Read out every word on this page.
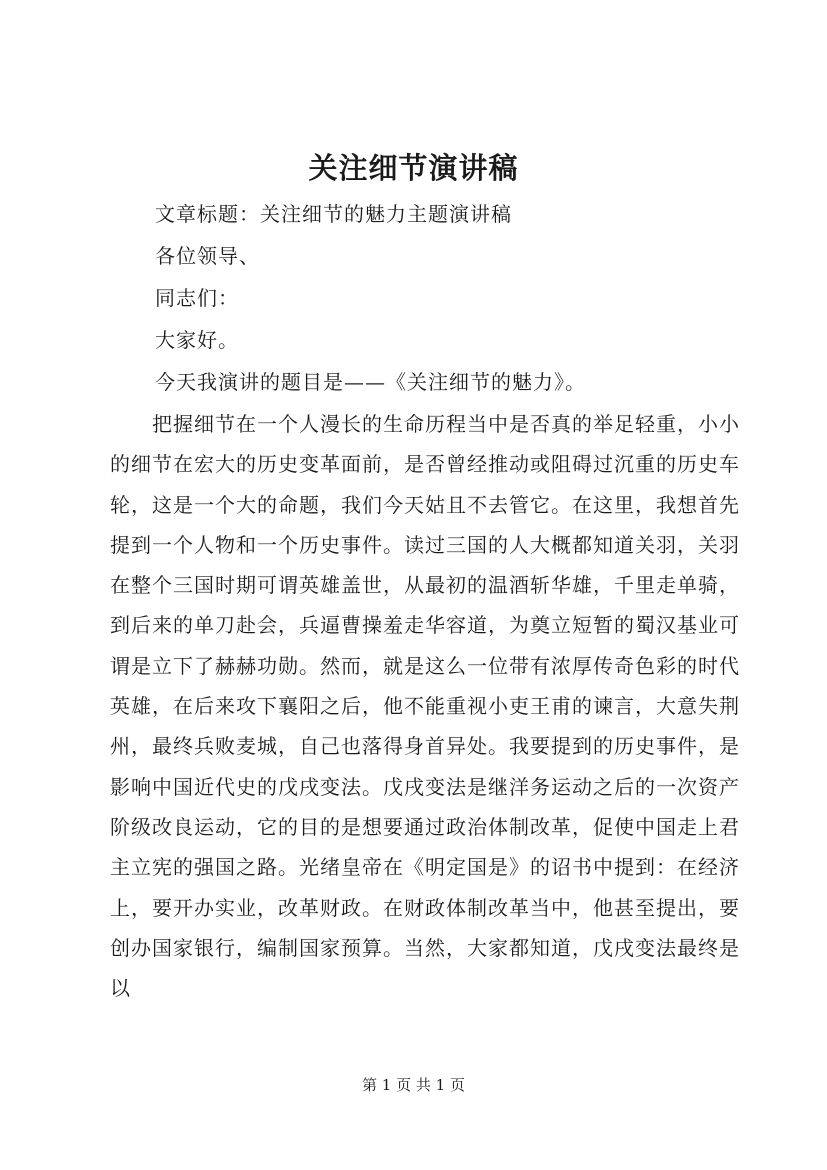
关注细节演讲稿
文章标题：关注细节的魅力主题演讲稿
各位领导、
同志们：
大家好。
今天我演讲的题目是——《关注细节的魅力》。

把握细节在一个人漫长的生命历程当中是否真的举足轻重，小小的细节在宏大的历史变革面前，是否曾经推动或阻碍过沉重的历史车轮，这是一个大的命题，我们今天姑且不去管它。在这里，我想首先提到一个人物和一个历史事件。读过三国的人大概都知道关羽，关羽在整个三国时期可谓英雄盖世，从最初的温酒斩华雄，千里走单骑，到后来的单刀赴会，兵逼曹操羞走华容道，为奠立短暂的蜀汉基业可谓是立下了赫赫功勋。然而，就是这么一位带有浓厚传奇色彩的时代英雄，在后来攻下襄阳之后，他不能重视小吏王甫的谏言，大意失荆州，最终兵败麦城，自己也落得身首异处。我要提到的历史事件，是影响中国近代史的戊戌变法。戊戌变法是继洋务运动之后的一次资产阶级改良运动，它的目的是想要通过政治体制改革，促使中国走上君主立宪的强国之路。光绪皇帝在《明定国是》的诏书中提到：在经济上，要开办实业，改革财政。在财政体制改革当中，他甚至提出，要创办国家银行，编制国家预算。当然，大家都知道，戊戌变法最终是以

第 1 页 共 1 页
